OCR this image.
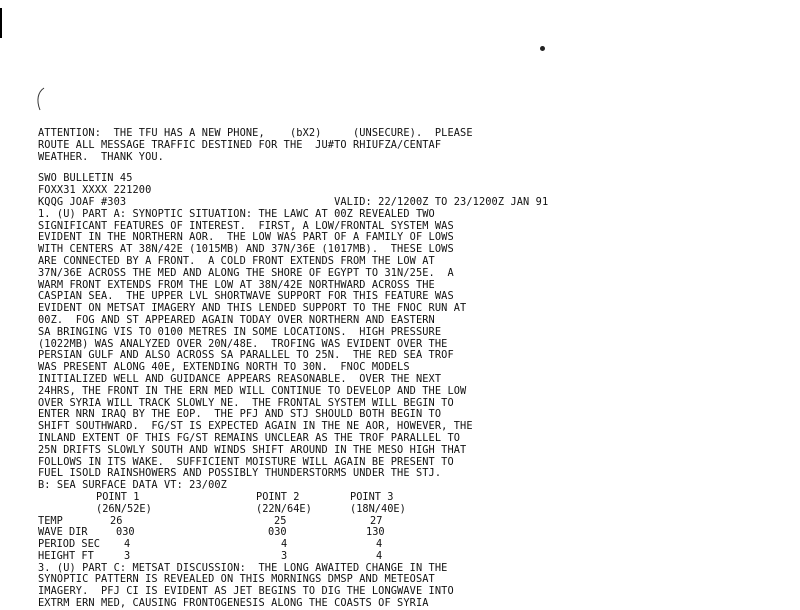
ATTENTION:  THE TFU HAS A NEW PHONE,    (bX2)     (UNSECURE).  PLEASE
ROUTE ALL MESSAGE TRAFFIC DESTINED FOR THE  JU#TO RHIUFZA/CENTAF
WEATHER.  THANK YOU.
SWO BULLETIN 45
FOXX31 XXXX 221200
KQQG JOAF #303                                 VALID: 22/1200Z TO 23/1200Z JAN 91
1. (U) PART A: SYNOPTIC SITUATION: THE LAWC AT 00Z REVEALED TWO
SIGNIFICANT FEATURES OF INTEREST.  FIRST, A LOW/FRONTAL SYSTEM WAS
EVIDENT IN THE NORTHERN AOR.  THE LOW WAS PART OF A FAMILY OF LOWS
WITH CENTERS AT 38N/42E (1015MB) AND 37N/36E (1017MB).  THESE LOWS
ARE CONNECTED BY A FRONT.  A COLD FRONT EXTENDS FROM THE LOW AT
37N/36E ACROSS THE MED AND ALONG THE SHORE OF EGYPT TO 31N/25E.  A
WARM FRONT EXTENDS FROM THE LOW AT 38N/42E NORTHWARD ACROSS THE
CASPIAN SEA.  THE UPPER LVL SHORTWAVE SUPPORT FOR THIS FEATURE WAS
EVIDENT ON METSAT IMAGERY AND THIS LENDED SUPPORT TO THE FNOC RUN AT
00Z.  FOG AND ST APPEARED AGAIN TODAY OVER NORTHERN AND EASTERN
SA BRINGING VIS TO 0100 METRES IN SOME LOCATIONS.  HIGH PRESSURE
(1022MB) WAS ANALYZED OVER 20N/48E.  TROFING WAS EVIDENT OVER THE
PERSIAN GULF AND ALSO ACROSS SA PARALLEL TO 25N.  THE RED SEA TROF
WAS PRESENT ALONG 40E, EXTENDING NORTH TO 30N.  FNOC MODELS
INITIALIZED WELL AND GUIDANCE APPEARS REASONABLE.  OVER THE NEXT
24HRS, THE FRONT IN THE ERN MED WILL CONTINUE TO DEVELOP AND THE LOW
OVER SYRIA WILL TRACK SLOWLY NE.  THE FRONTAL SYSTEM WILL BEGIN TO
ENTER NRN IRAQ BY THE EOP.  THE PFJ AND STJ SHOULD BOTH BEGIN TO
SHIFT SOUTHWARD.  FG/ST IS EXPECTED AGAIN IN THE NE AOR, HOWEVER, THE
INLAND EXTENT OF THIS FG/ST REMAINS UNCLEAR AS THE TROF PARALLEL TO
25N DRIFTS SLOWLY SOUTH AND WINDS SHIFT AROUND IN THE MESO HIGH THAT
FOLLOWS IN ITS WAKE.  SUFFICIENT MOISTURE WILL AGAIN BE PRESENT TO
FUEL ISOLD RAINSHOWERS AND POSSIBLY THUNDERSTORMS UNDER THE STJ.
B: SEA SURFACE DATA VT: 23/00Z
POINT 1	POINT 2	POINT 3
(26N/52E)	(22N/64E)	(18N/40E)
TEMP	26	25	27
WAVE DIR	030	030	130
PERIOD SEC 4	4	4
HEIGHT FT	3	3	4
3. (U) PART C: METSAT DISCUSSION:  THE LONG AWAITED CHANGE IN THE
SYNOPTIC PATTERN IS REVEALED ON THIS MORNINGS DMSP AND METEOSAT
IMAGERY.  PFJ CI IS EVIDENT AS JET BEGINS TO DIG THE LONGWAVE INTO
EXTRM ERN MED, CAUSING FRONTOGENESIS ALONG THE COASTS OF SYRIA
